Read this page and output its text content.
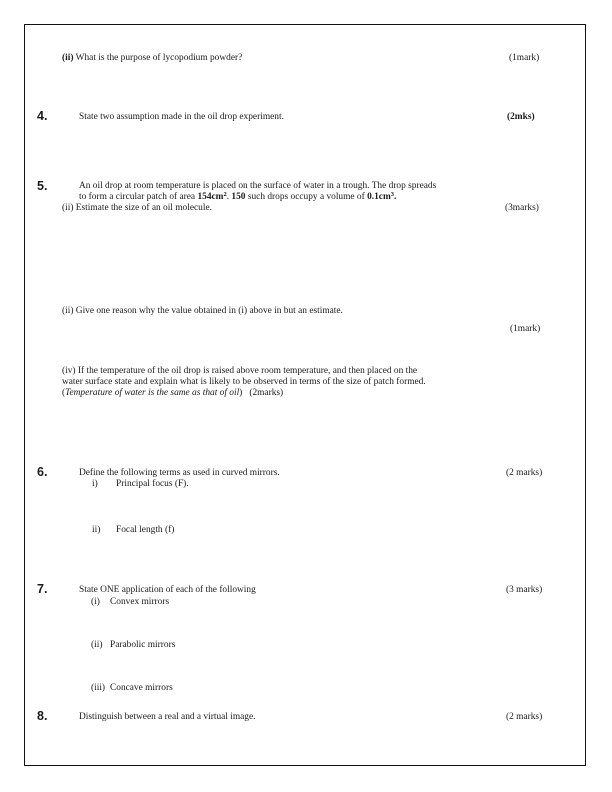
(ii) What is the purpose of lycopodium powder?	(1mark)
4.	State two assumption made in the oil drop experiment.	(2mks)
5.	An oil drop at room temperature is placed on the surface of water in a trough. The drop spreads
to form a circular patch of area $154cm^2$. 150 such drops occupy a volume of $0.1cm^3$.
(ii) Estimate the size of an oil molecule.	(3marks)
(ii) Give one reason why the value obtained in (i) above in but an estimate.
(1mark)
(iv) If the temperature of the oil drop is raised above room temperature, and then placed on the
water surface state and explain what is likely to be observed in terms of the size of patch formed.
(Temperature of water is the same as that of oil) (2marks)
6.	Define the following terms as used in curved mirrors.	(2 marks)
i) Principal focus (F).
ii) Focal length (f)
7.	State ONE application of each of the following	(3 marks)
(i) Convex mirrors
(ii) Parabolic mirrors
(iii) Concave mirrors
8.	Distinguish between a real and a virtual image.	(2 marks)
